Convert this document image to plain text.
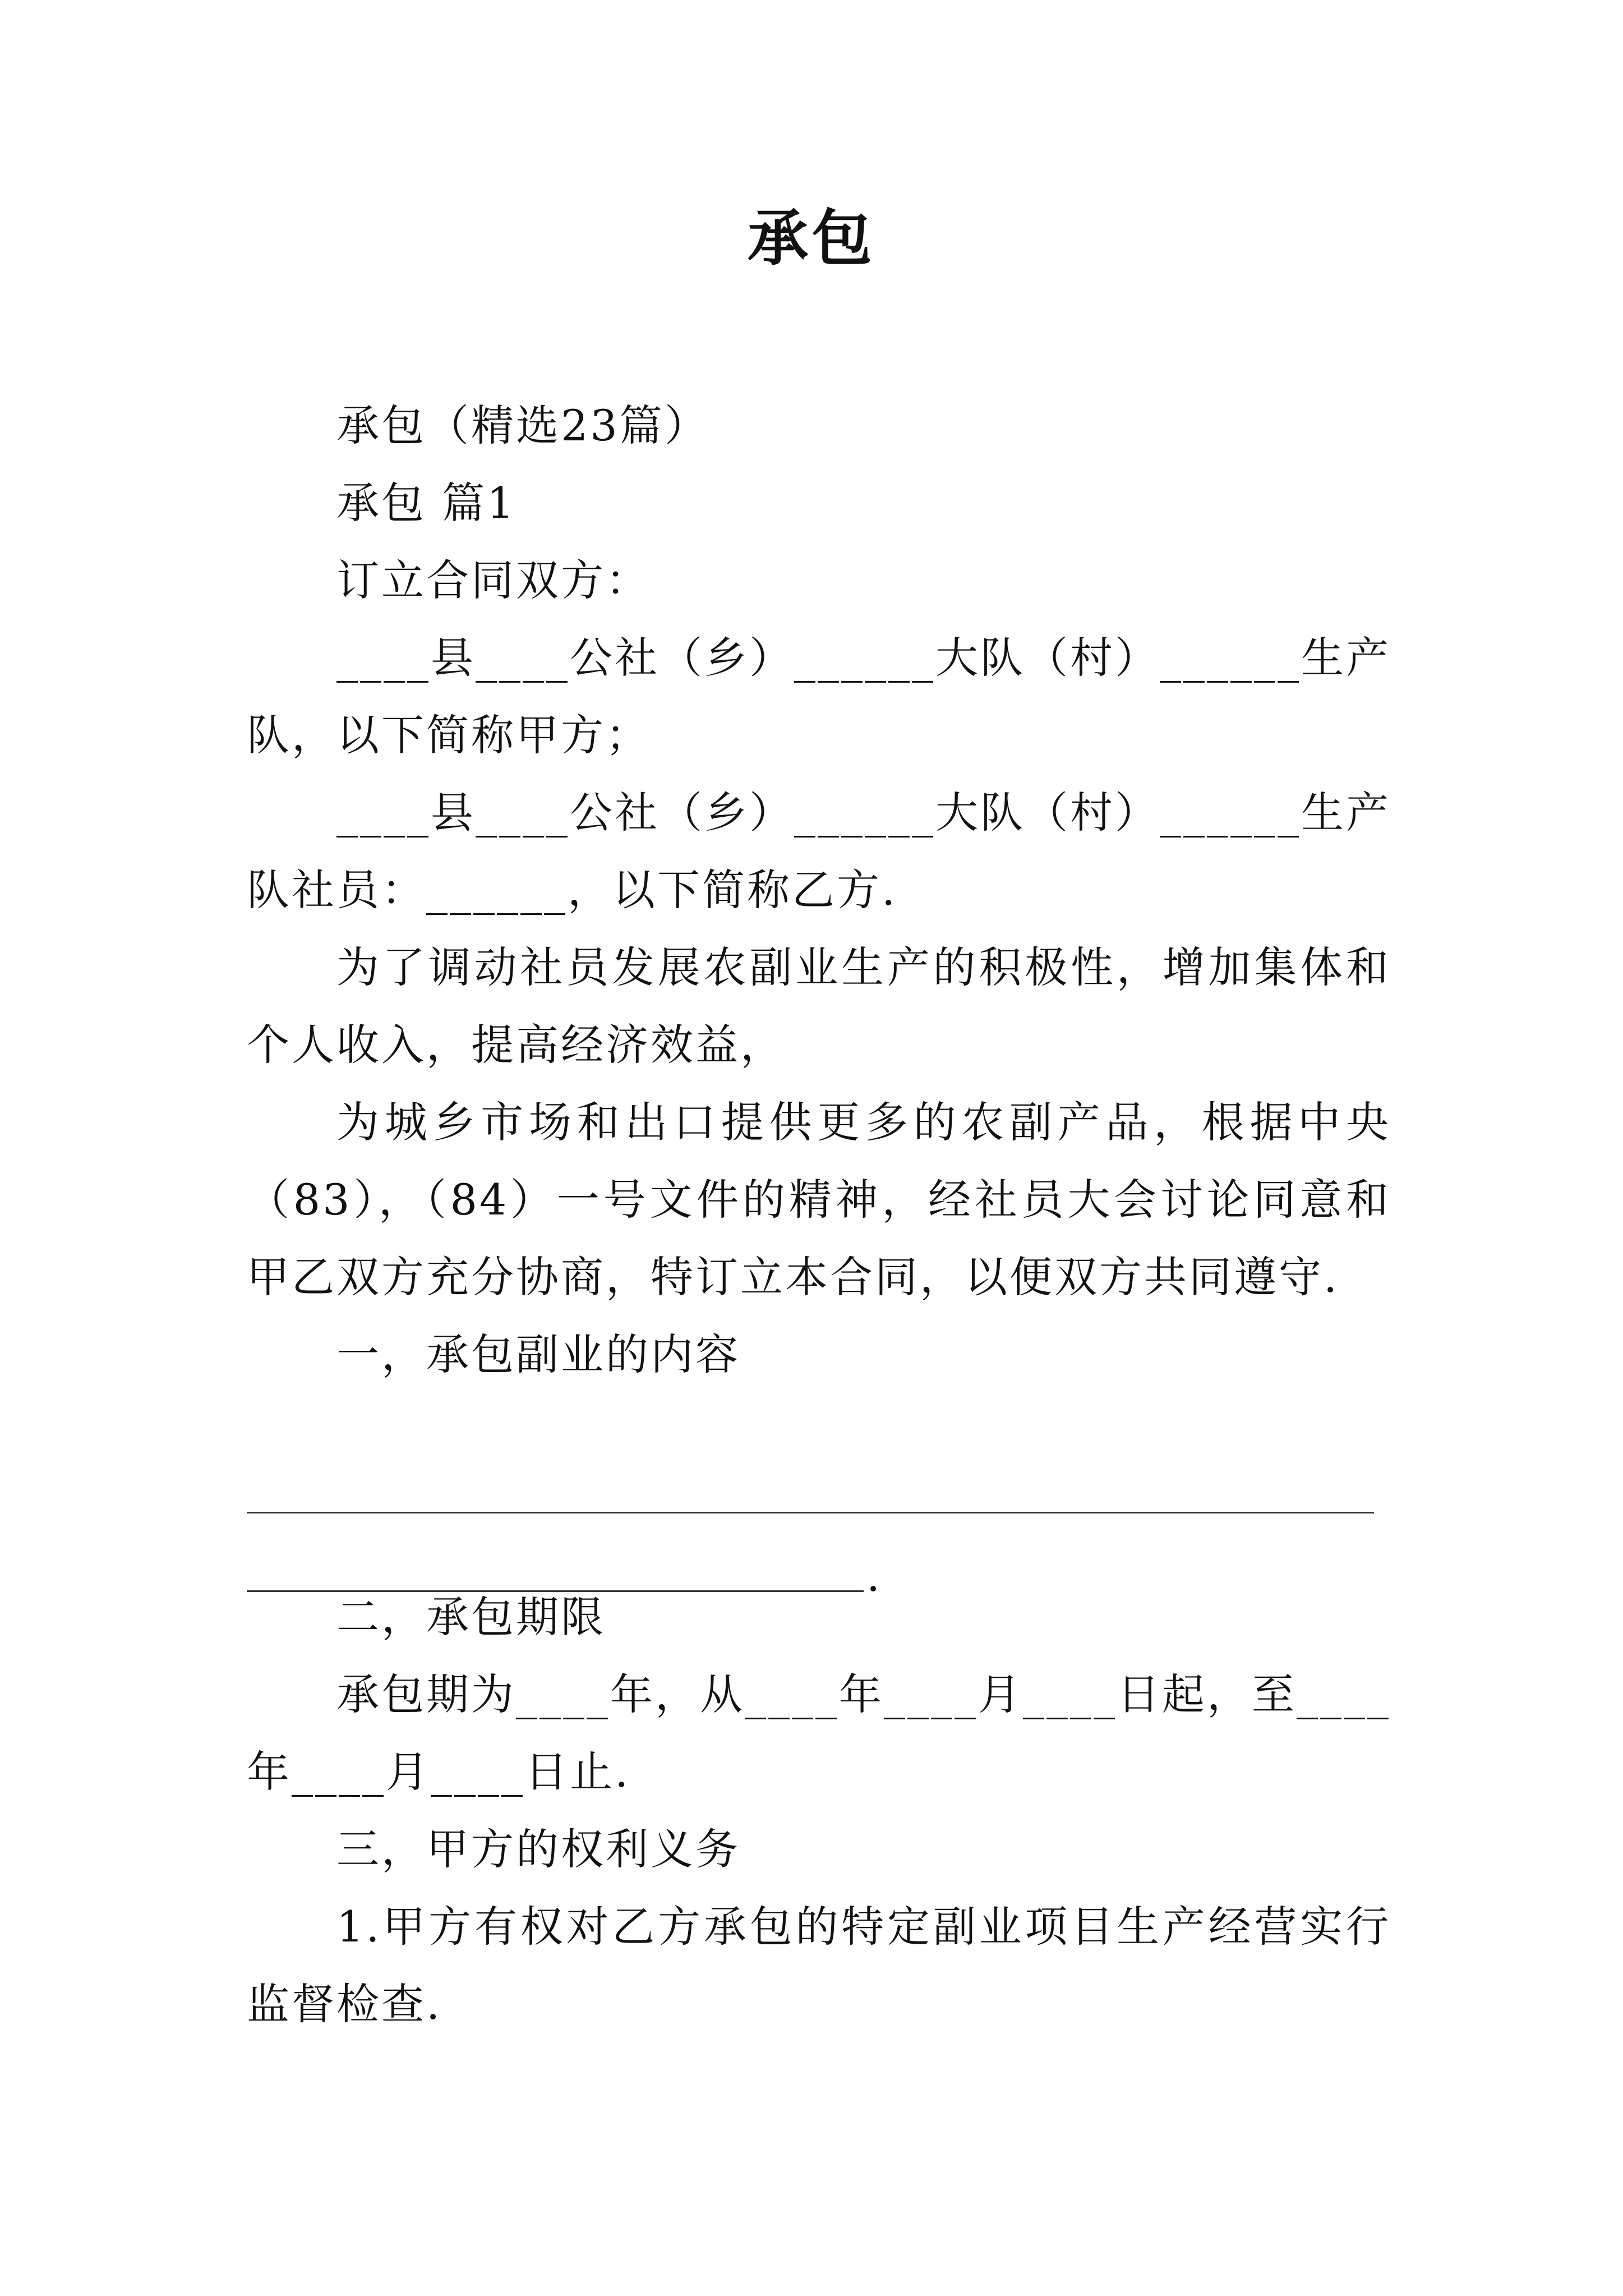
承包

承包（精选23篇）

承包 篇1

订立合同双方：

____县____公社（乡）______大队（村）______生产队，以下简称甲方；

____县____公社（乡）______大队（村）______生产队社员：______，以下简称乙方.

为了调动社员发展农副业生产的积极性，增加集体和个人收入，提高经济效益，

为城乡市场和出口提供更多的农副产品，根据中央（83），（84）一号文件的精神，经社员大会讨论同意和甲乙双方充分协商，特订立本合同，以便双方共同遵守.

一，承包副业的内容

二，承包期限

承包期为____年，从____年____月____日起，至____年____月____日止.

三，甲方的权利义务

1.甲方有权对乙方承包的特定副业项目生产经营实行监督检查.

.
